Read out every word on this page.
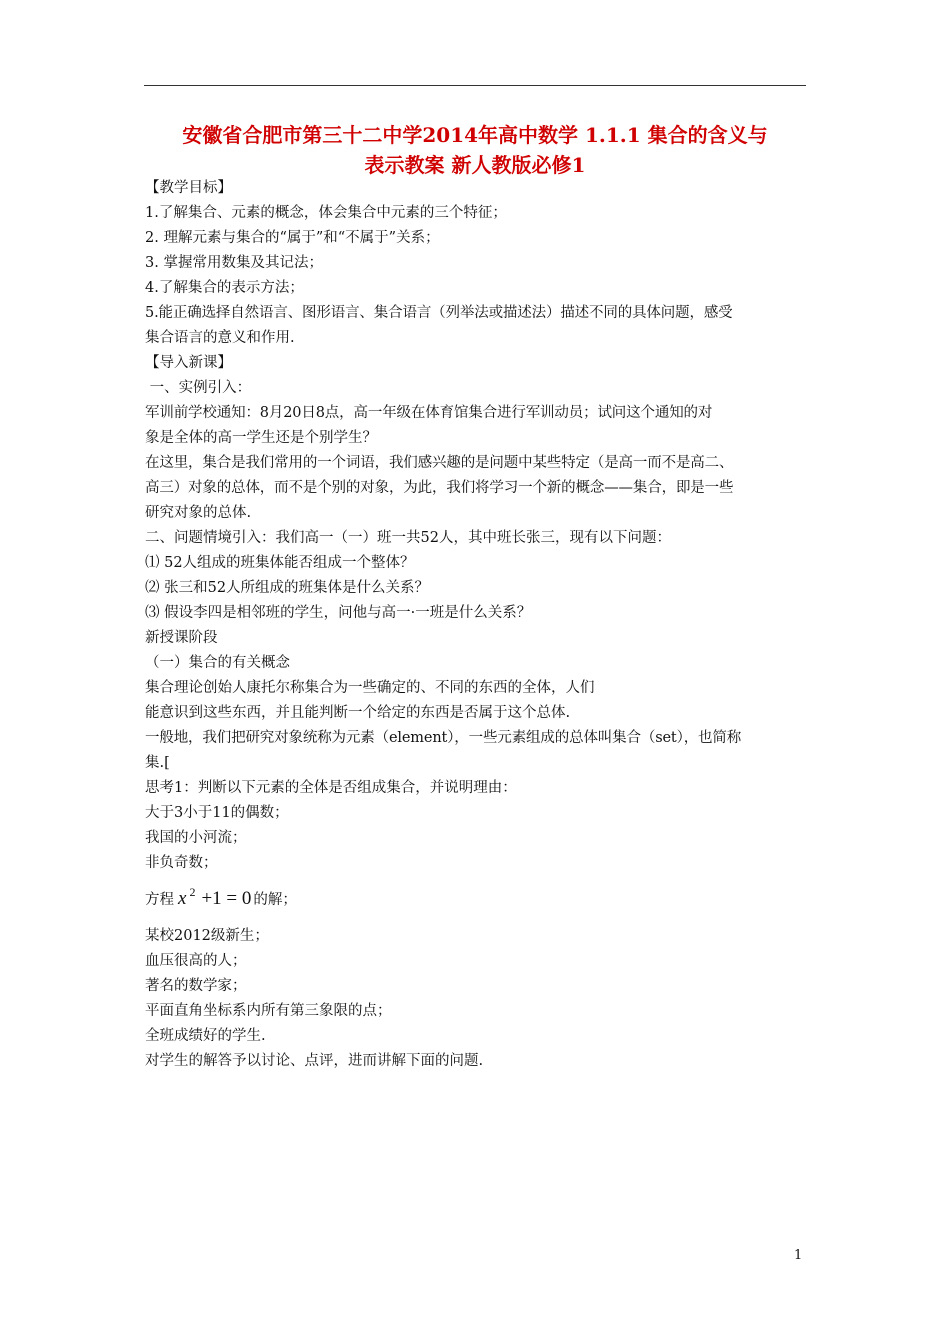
安徽省合肥市第三十二中学2014年高中数学 1.1.1 集合的含义与
表示教案 新人教版必修1
【教学目标】
1.了解集合、元素的概念，体会集合中元素的三个特征；
2. 理解元素与集合的“属于”和“不属于”关系；
3. 掌握常用数集及其记法；
4.了解集合的表示方法；
5.能正确选择自然语言、图形语言、集合语言（列举法或描述法）描述不同的具体问题，感受
集合语言的意义和作用.
【导入新课】
一、实例引入：
军训前学校通知：8月20日8点，高一年级在体育馆集合进行军训动员；试问这个通知的对
象是全体的高一学生还是个别学生？
在这里，集合是我们常用的一个词语，我们感兴趣的是问题中某些特定（是高一而不是高二、
高三）对象的总体，而不是个别的对象，为此，我们将学习一个新的概念——集合，即是一些
研究对象的总体.
二、问题情境引入：我们高一（一）班一共52人，其中班长张三，现有以下问题：
⑴ 52人组成的班集体能否组成一个整体？
⑵ 张三和52人所组成的班集体是什么关系？
⑶ 假设李四是相邻班的学生，问他与高一·一班是什么关系？
新授课阶段
（一）集合的有关概念
集合理论创始人康托尔称集合为一些确定的、不同的东西的全体，人们
能意识到这些东西，并且能判断一个给定的东西是否属于这个总体.
一般地，我们把研究对象统称为元素（element），一些元素组成的总体叫集合（set），也简称
集.[
思考1：判断以下元素的全体是否组成集合，并说明理由：
大于3小于11的偶数；
我国的小河流；
非负奇数；
方程 x $^2$ +1 = 0 的解；
某校2012级新生；
血压很高的人；
著名的数学家；
平面直角坐标系内所有第三象限的点；
全班成绩好的学生.
对学生的解答予以讨论、点评，进而讲解下面的问题.
1
